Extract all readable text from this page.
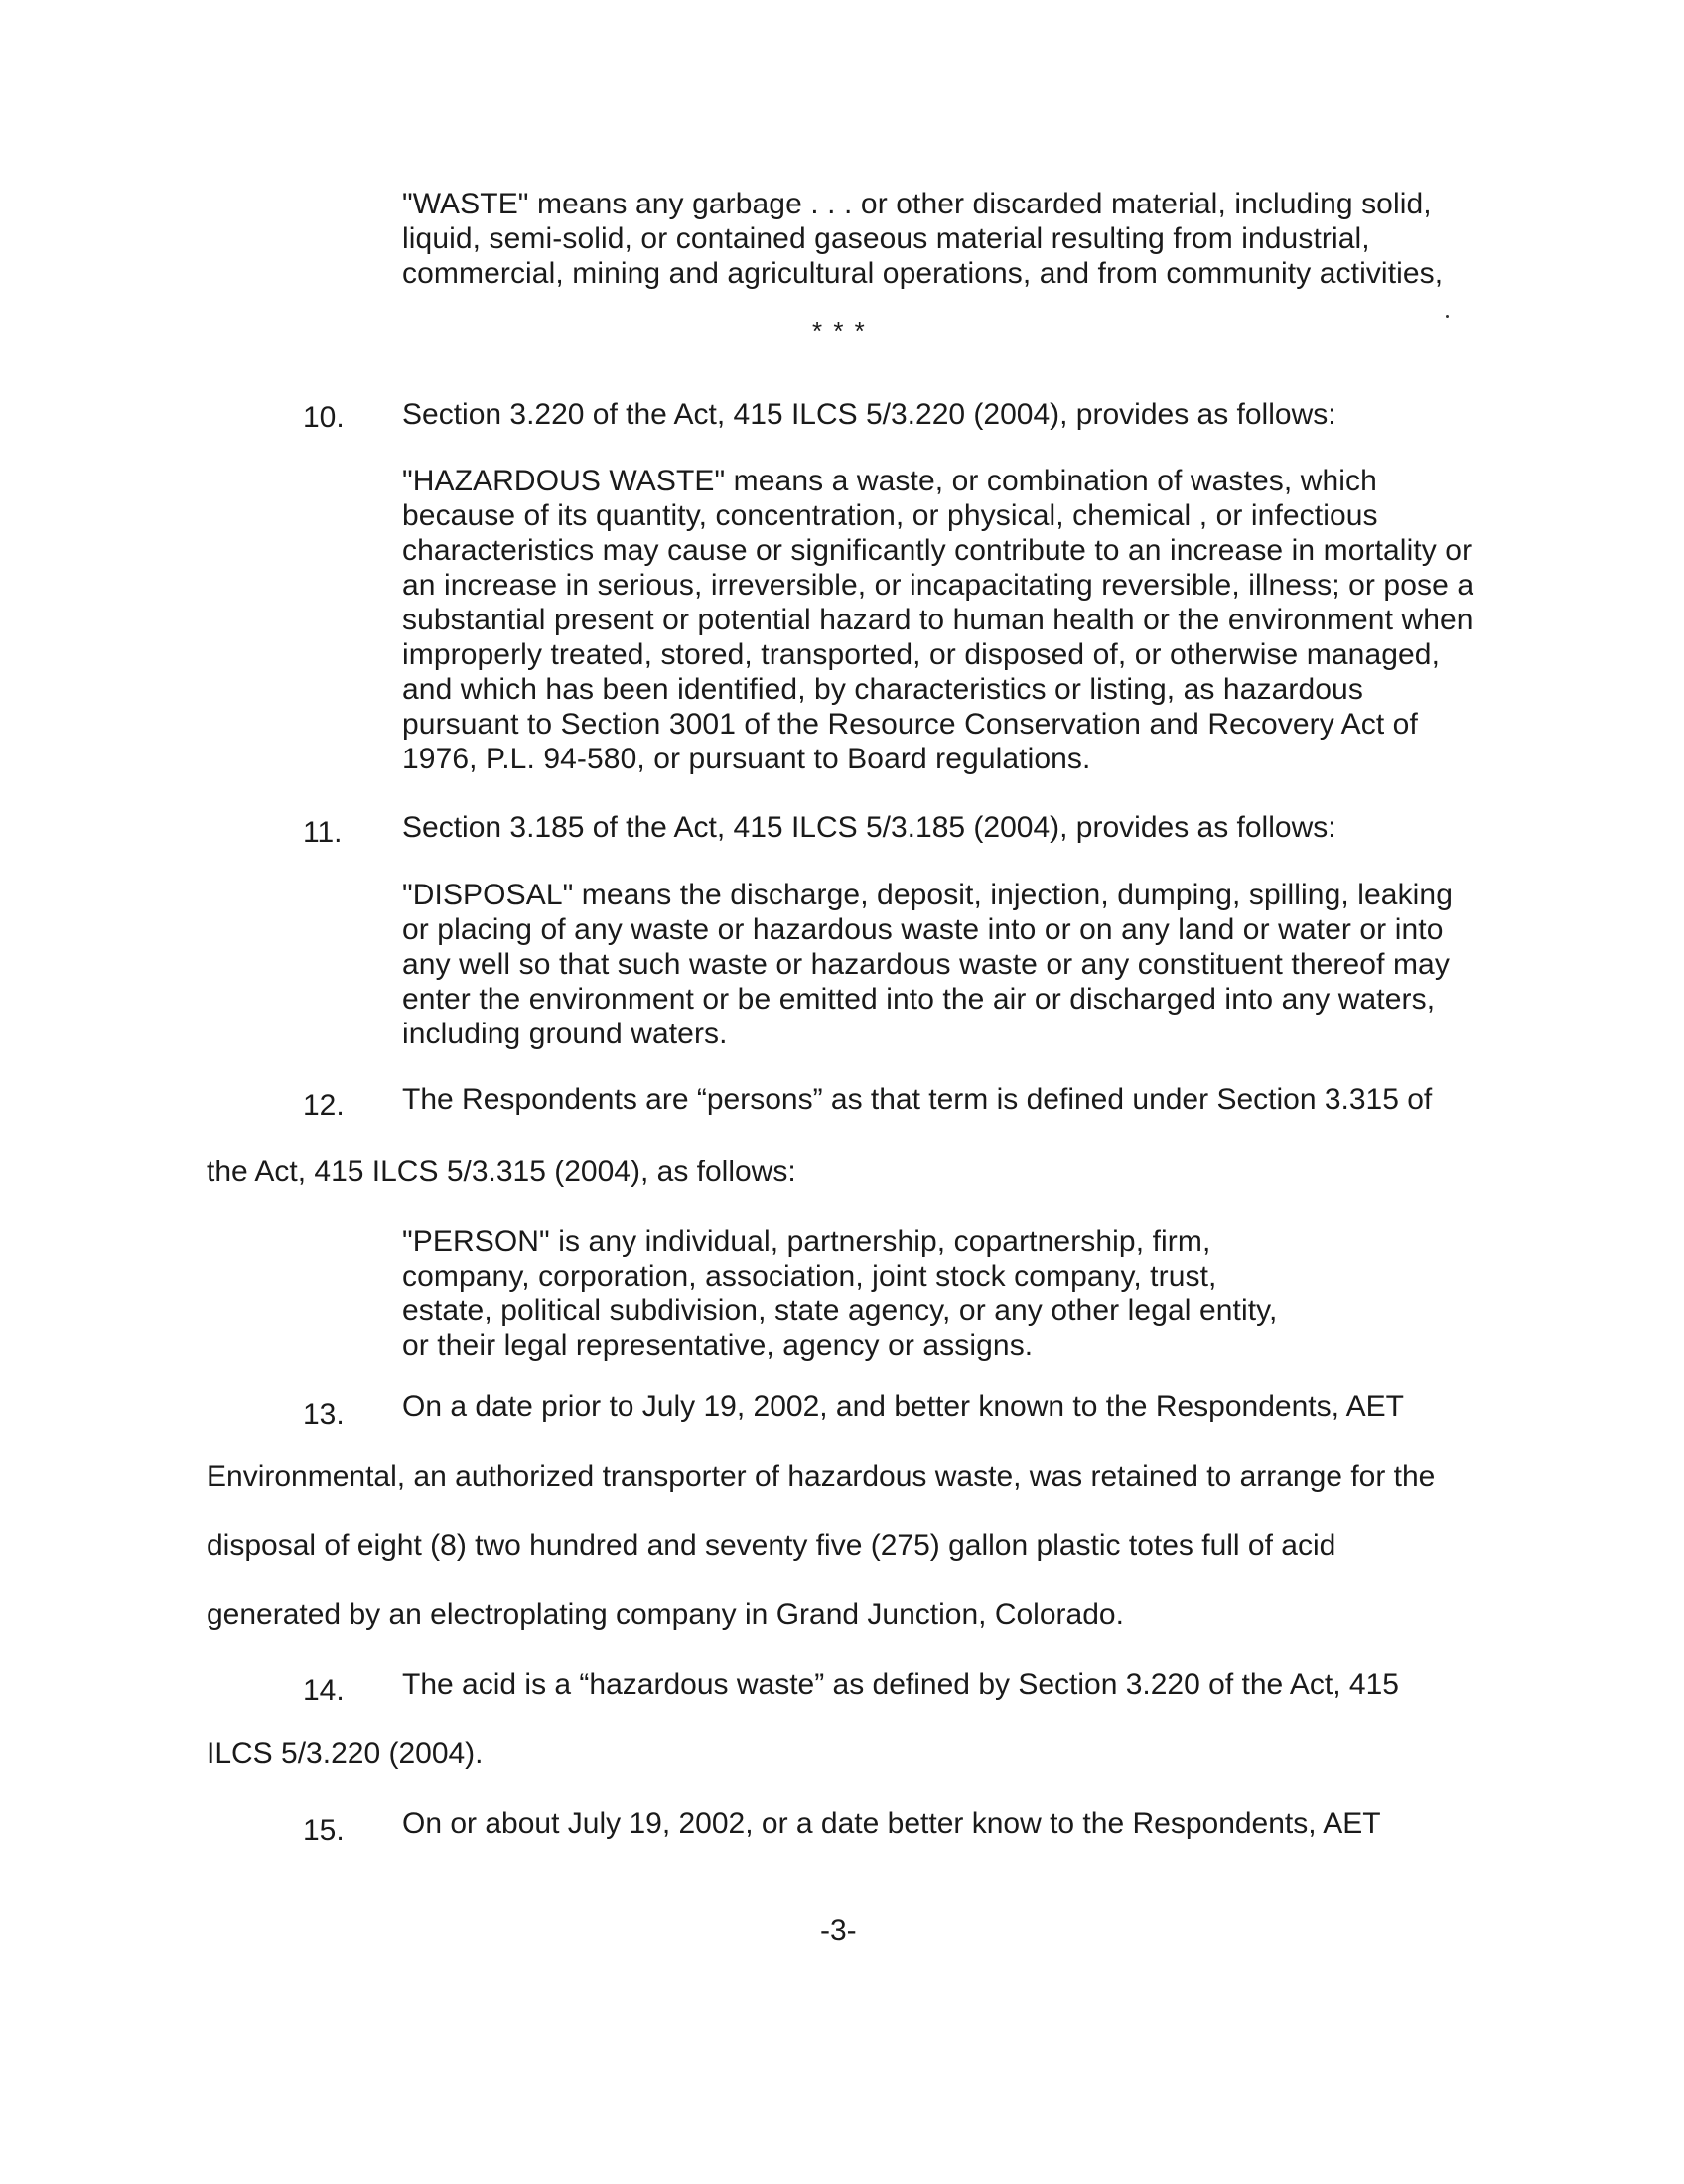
"WASTE" means any garbage . . . or other discarded material, including solid,
liquid, semi-solid, or contained gaseous material resulting from industrial,
commercial, mining and agricultural operations, and from community activities,
* * *
10. Section 3.220 of the Act, 415 ILCS 5/3.220 (2004), provides as follows:
"HAZARDOUS WASTE" means a waste, or combination of wastes, which
because of its quantity, concentration, or physical, chemical , or infectious
characteristics may cause or significantly contribute to an increase in mortality or
an increase in serious, irreversible, or incapacitating reversible, illness; or pose a
substantial present or potential hazard to human health or the environment when
improperly treated, stored, transported, or disposed of, or otherwise managed,
and which has been identified, by characteristics or listing, as hazardous
pursuant to Section 3001 of the Resource Conservation and Recovery Act of
1976, P.L. 94-580, or pursuant to Board regulations.
11. Section 3.185 of the Act, 415 ILCS 5/3.185 (2004), provides as follows:
"DISPOSAL" means the discharge, deposit, injection, dumping, spilling, leaking
or placing of any waste or hazardous waste into or on any land or water or into
any well so that such waste or hazardous waste or any constituent thereof may
enter the environment or be emitted into the air or discharged into any waters,
including ground waters.
12. The Respondents are “persons” as that term is defined under Section 3.315 of
the Act, 415 ILCS 5/3.315 (2004), as follows:
"PERSON" is any individual, partnership, copartnership, firm,
company, corporation, association, joint stock company, trust,
estate, political subdivision, state agency, or any other legal entity,
or their legal representative, agency or assigns.
13. On a date prior to July 19, 2002, and better known to the Respondents, AET
Environmental, an authorized transporter of hazardous waste, was retained to arrange for the
disposal of eight (8) two hundred and seventy five (275) gallon plastic totes full of acid
generated by an electroplating company in Grand Junction, Colorado.
14. The acid is a “hazardous waste” as defined by Section 3.220 of the Act, 415
ILCS 5/3.220 (2004).
15. On or about July 19, 2002, or a date better know to the Respondents, AET
-3-
